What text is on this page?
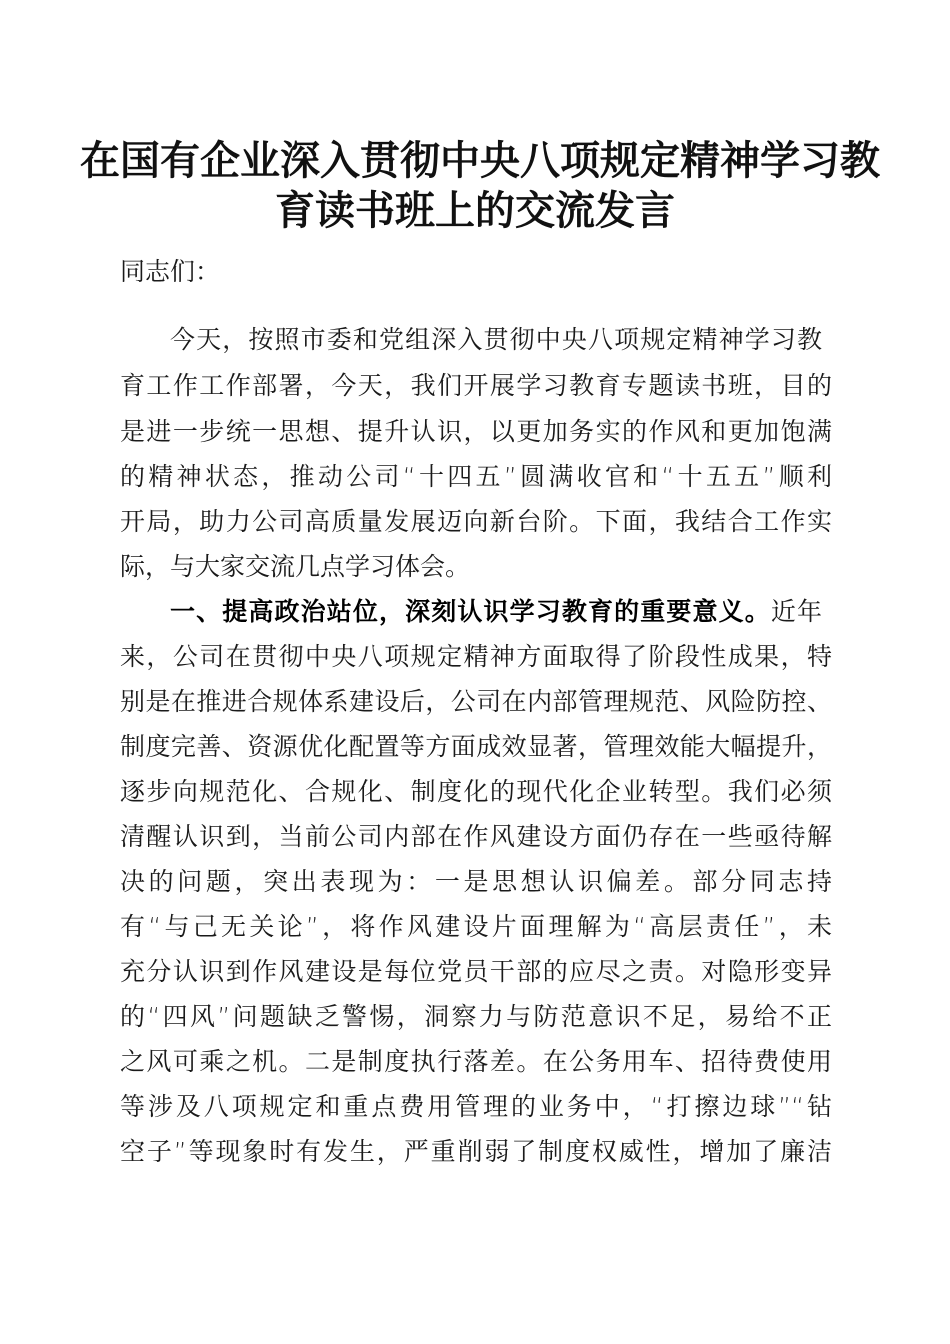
在国有企业深入贯彻中央八项规定精神学习教
育读书班上的交流发言
同志们：
今天，按照市委和党组深入贯彻中央八项规定精神学习教
育工作工作部署，今天，我们开展学习教育专题读书班，目的
是进一步统一思想、提升认识，以更加务实的作风和更加饱满
的精神状态，推动公司“十四五”圆满收官和“十五五”顺利
开局，助力公司高质量发展迈向新台阶。下面，我结合工作实
际，与大家交流几点学习体会。
一、提高政治站位，深刻认识学习教育的重要意义。近年
来，公司在贯彻中央八项规定精神方面取得了阶段性成果，特
别是在推进合规体系建设后，公司在内部管理规范、风险防控、
制度完善、资源优化配置等方面成效显著，管理效能大幅提升，
逐步向规范化、合规化、制度化的现代化企业转型。我们必须
清醒认识到，当前公司内部在作风建设方面仍存在一些亟待解
决的问题，突出表现为：一是思想认识偏差。部分同志持
有“与己无关论”，将作风建设片面理解为“高层责任”，未
充分认识到作风建设是每位党员干部的应尽之责。对隐形变异
的“四风”问题缺乏警惕，洞察力与防范意识不足，易给不正
之风可乘之机。二是制度执行落差。在公务用车、招待费使用
等涉及八项规定和重点费用管理的业务中，“打擦边球”“钻
空子”等现象时有发生，严重削弱了制度权威性，增加了廉洁
